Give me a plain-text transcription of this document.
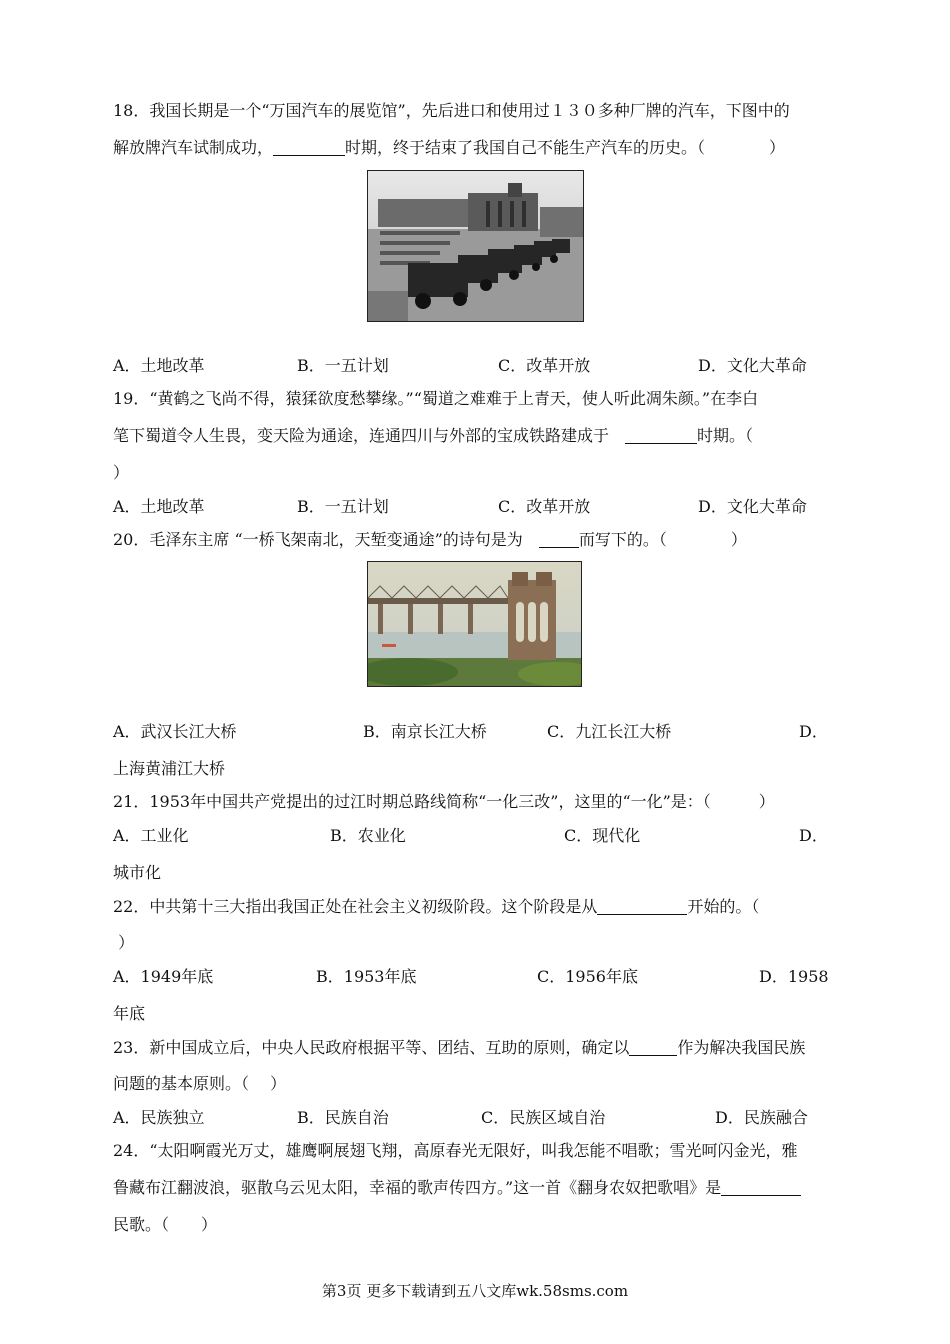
18．我国长期是一个“万国汽车的展览馆”，先后进口和使用过１３０多种厂牌的汽车，下图中的
解放牌汽车试制成功，	时期，终于结束了我国自己不能生产汽车的历史。（　　　　）
A．土地改革	B．一五计划	C．改革开放	D．文化大革命
19．“黄鹤之飞尚不得，猿猱欲度愁攀缘。”“蜀道之难难于上青天，使人听此凋朱颜。”在李白
笔下蜀道令人生畏，变天险为通途，连通四川与外部的宝成铁路建成于　	时期。（
）
A．土地改革	B．一五计划	C．改革开放	D．文化大革命
20．毛泽东主席 “一桥飞架南北，天堑变通途”的诗句是为　	而写下的。（　　　　）
A．武汉长江大桥	B．南京长江大桥	C．九江长江大桥	D．
上海黄浦江大桥
21．1953年中国共产党提出的过江时期总路线简称“一化三改”，这里的“一化”是：（　　　）
A．工业化	B．农业化	C．现代化	D．
城市化
22．中共第十三大指出我国正处在社会主义初级阶段。这个阶段是从	开始的。（
）
A．1949年底	B．1953年底	C．1956年底	D．1958
年底
23．新中国成立后，中央人民政府根据平等、团结、互助的原则，确定以	作为解决我国民族
问题的基本原则。（　 ）
A．民族独立	B．民族自治	C．民族区域自治	D．民族融合
24．“太阳啊霞光万丈，雄鹰啊展翅飞翔，高原春光无限好，叫我怎能不唱歌；雪光呵闪金光，雅
鲁藏布江翻波浪，驱散乌云见太阳，幸福的歌声传四方。”这一首《翻身农奴把歌唱》是
民歌。（　　）
第3页 更多下载请到五八文库wk.58sms.com
